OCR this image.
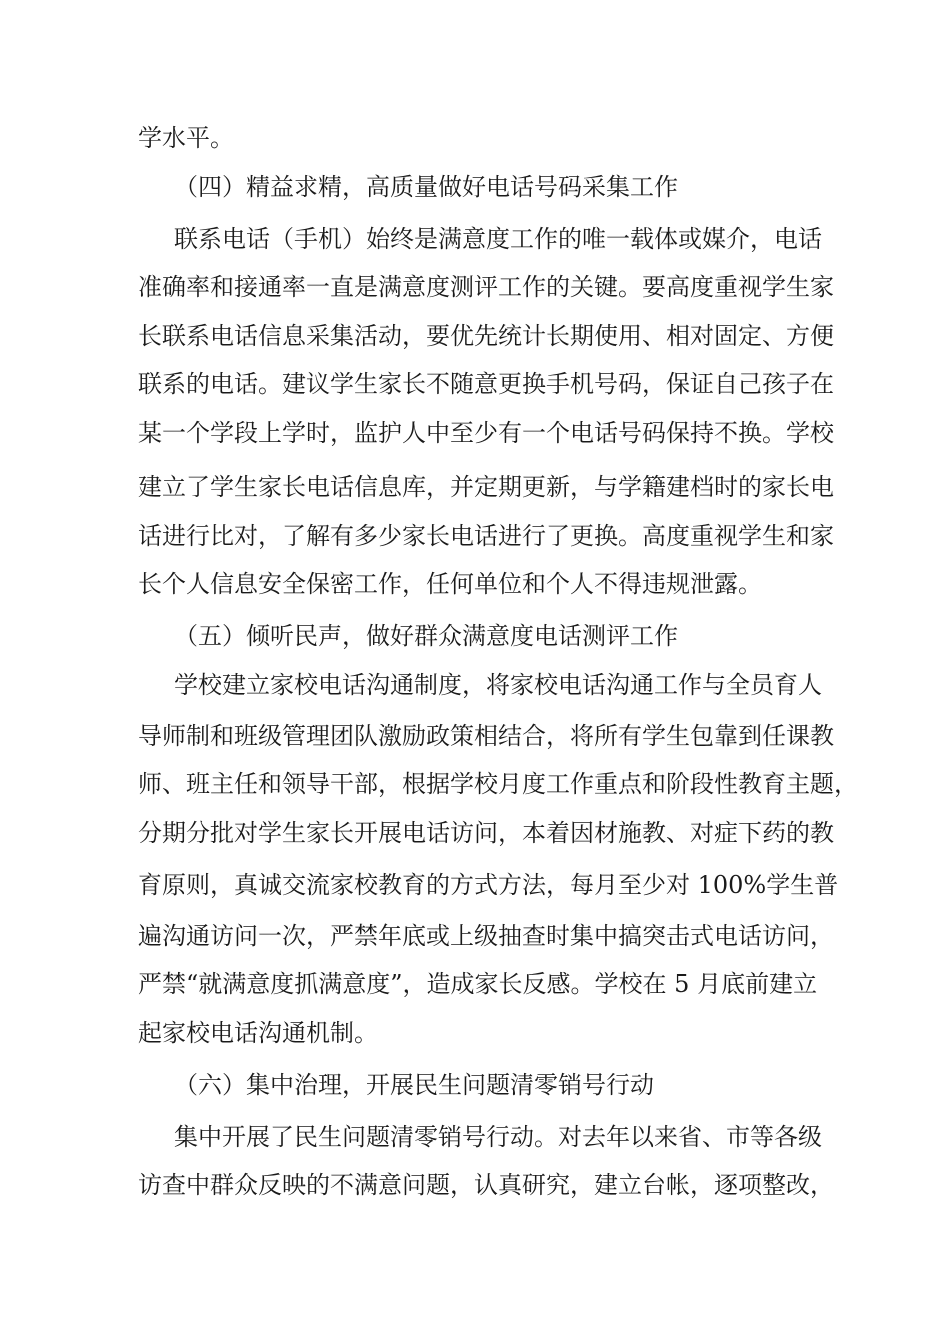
学水平。
（四）精益求精，高质量做好电话号码采集工作
联系电话（手机）始终是满意度工作的唯一载体或媒介，电话
准确率和接通率一直是满意度测评工作的关键。要高度重视学生家
长联系电话信息采集活动，要优先统计长期使用、相对固定、方便
联系的电话。建议学生家长不随意更换手机号码，保证自己孩子在
某一个学段上学时，监护人中至少有一个电话号码保持不换。学校
建立了学生家长电话信息库，并定期更新，与学籍建档时的家长电
话进行比对，了解有多少家长电话进行了更换。高度重视学生和家
长个人信息安全保密工作，任何单位和个人不得违规泄露。
（五）倾听民声，做好群众满意度电话测评工作
学校建立家校电话沟通制度，将家校电话沟通工作与全员育人
导师制和班级管理团队激励政策相结合，将所有学生包靠到任课教
师、班主任和领导干部，根据学校月度工作重点和阶段性教育主题，
分期分批对学生家长开展电话访问，本着因材施教、对症下药的教
育原则，真诚交流家校教育的方式方法，每月至少对 100%学生普
遍沟通访问一次，严禁年底或上级抽查时集中搞突击式电话访问，
严禁“就满意度抓满意度”，造成家长反感。学校在 5 月底前建立
起家校电话沟通机制。
（六）集中治理，开展民生问题清零销号行动
集中开展了民生问题清零销号行动。对去年以来省、市等各级
访查中群众反映的不满意问题，认真研究，建立台帐，逐项整改，
